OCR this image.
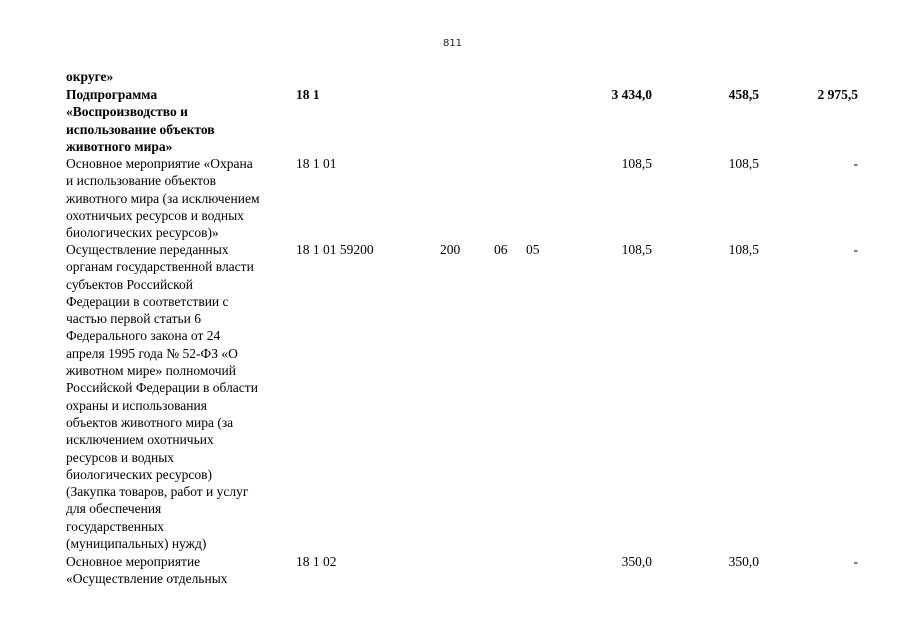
811
округе»
Подпрограмма
«Воспроизводство и
использование объектов
животного мира»
18 1	3 434,0	458,5	2 975,5
Основное мероприятие «Охрана
и использование объектов
животного мира (за исключением
охотничьих ресурсов и водных
биологических ресурсов)»
18 1 01	108,5	108,5	-
Осуществление переданных
органам государственной власти
субъектов Российской
Федерации в соответствии с
частью первой статьи 6
Федерального закона от 24
апреля 1995 года № 52-ФЗ «О
животном мире» полномочий
Российской Федерации в области
охраны и использования
объектов животного мира (за
исключением охотничьих
ресурсов и водных
биологических ресурсов)
(Закупка товаров, работ и услуг
для обеспечения
государственных
(муниципальных) нужд)
18 1 01 59200	200	06 05	108,5	108,5	-
Основное мероприятие
«Осуществление отдельных
18 1 02	350,0	350,0	-
